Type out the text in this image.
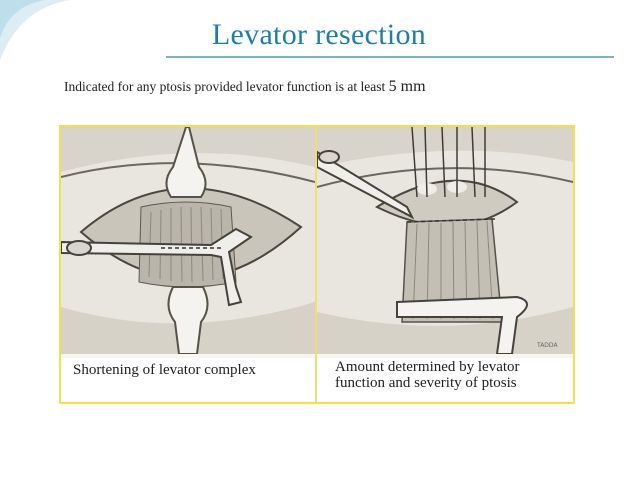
Levator resection
Indicated for any ptosis provided levator function is at least 5 mm
TADDA
Shortening of levator complex	Amount determined by levator
function and severity of ptosis
